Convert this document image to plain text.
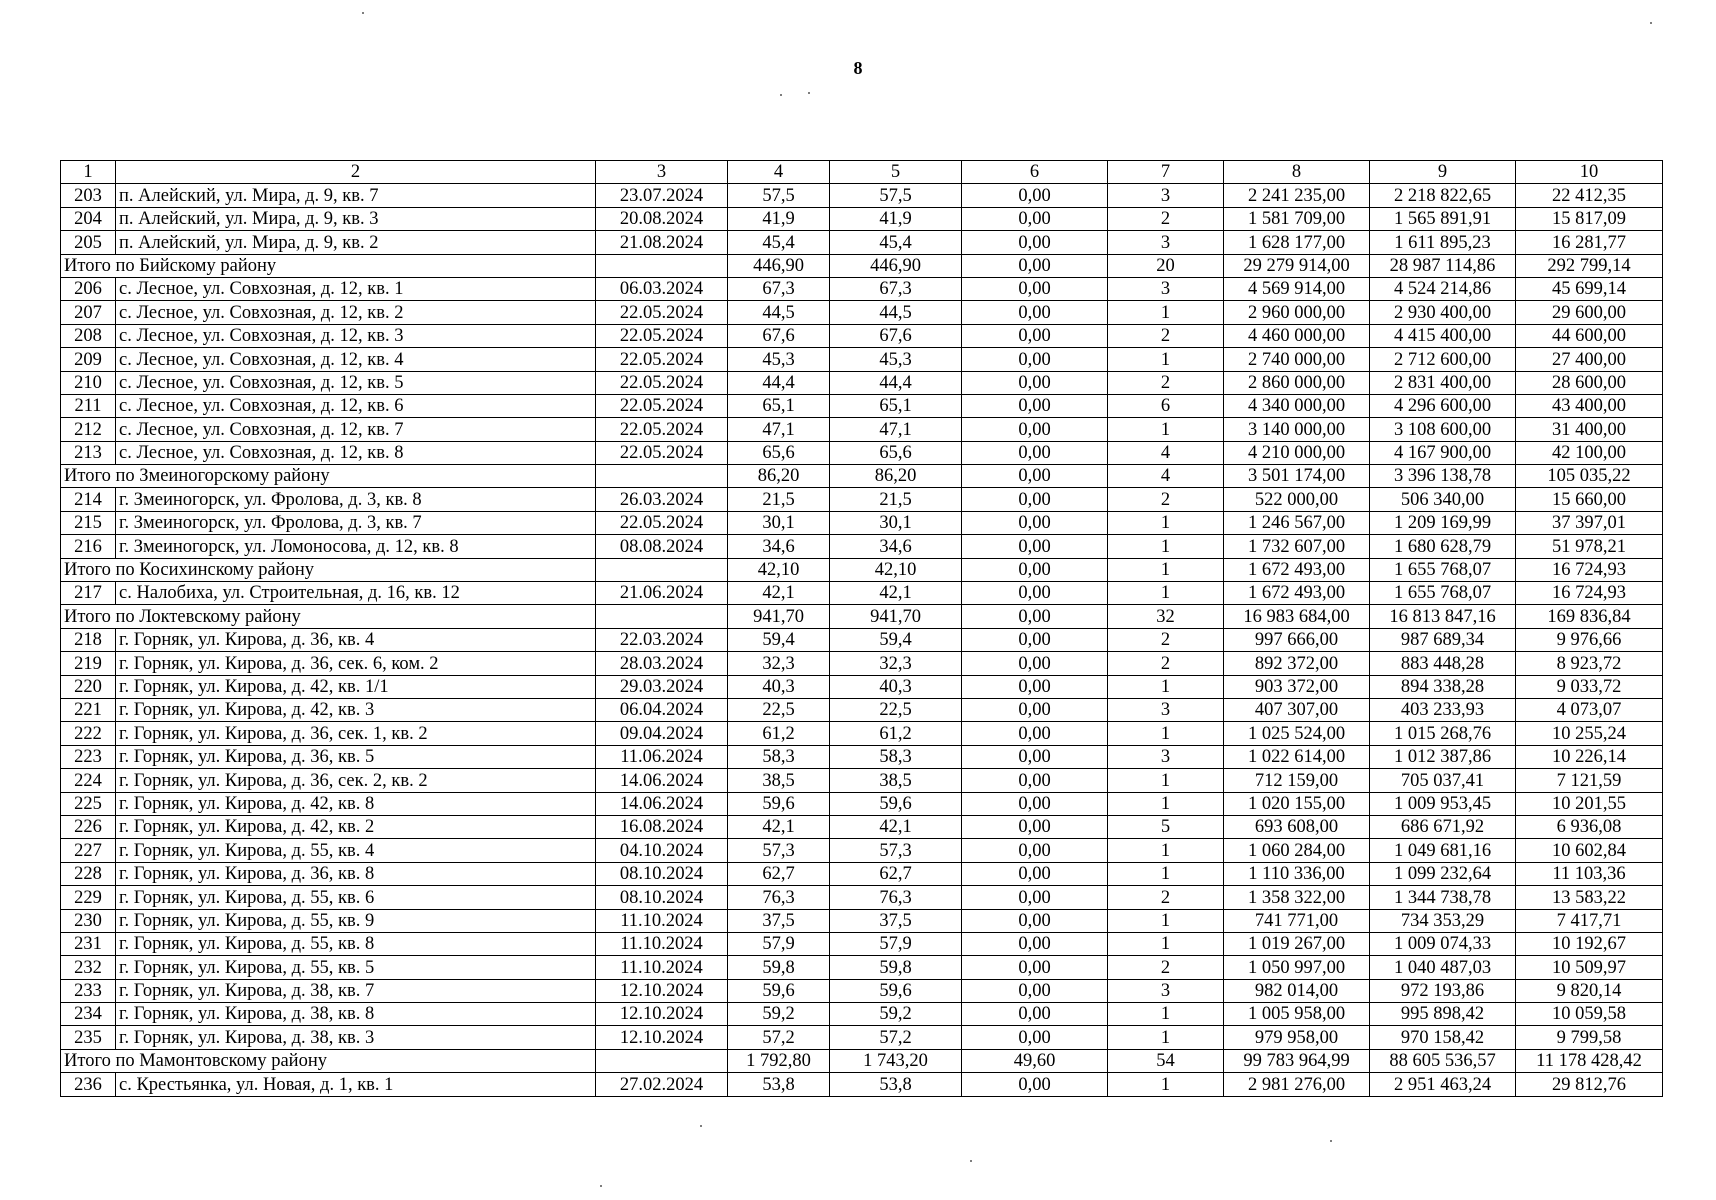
8
1	2	3	4	5	6	7	8	9	10
203	п. Алейский, ул. Мира, д. 9, кв. 7	23.07.2024	57,5	57,5	0,00	3	2 241 235,00	2 218 822,65	22 412,35
204	п. Алейский, ул. Мира, д. 9, кв. 3	20.08.2024	41,9	41,9	0,00	2	1 581 709,00	1 565 891,91	15 817,09
205	п. Алейский, ул. Мира, д. 9, кв. 2	21.08.2024	45,4	45,4	0,00	3	1 628 177,00	1 611 895,23	16 281,77
Итого по Бийскому району			446,90	446,90	0,00	20	29 279 914,00	28 987 114,86	292 799,14
206	с. Лесное, ул. Совхозная, д. 12, кв. 1	06.03.2024	67,3	67,3	0,00	3	4 569 914,00	4 524 214,86	45 699,14
207	с. Лесное, ул. Совхозная, д. 12, кв. 2	22.05.2024	44,5	44,5	0,00	1	2 960 000,00	2 930 400,00	29 600,00
208	с. Лесное, ул. Совхозная, д. 12, кв. 3	22.05.2024	67,6	67,6	0,00	2	4 460 000,00	4 415 400,00	44 600,00
209	с. Лесное, ул. Совхозная, д. 12, кв. 4	22.05.2024	45,3	45,3	0,00	1	2 740 000,00	2 712 600,00	27 400,00
210	с. Лесное, ул. Совхозная, д. 12, кв. 5	22.05.2024	44,4	44,4	0,00	2	2 860 000,00	2 831 400,00	28 600,00
211	с. Лесное, ул. Совхозная, д. 12, кв. 6	22.05.2024	65,1	65,1	0,00	6	4 340 000,00	4 296 600,00	43 400,00
212	с. Лесное, ул. Совхозная, д. 12, кв. 7	22.05.2024	47,1	47,1	0,00	1	3 140 000,00	3 108 600,00	31 400,00
213	с. Лесное, ул. Совхозная, д. 12, кв. 8	22.05.2024	65,6	65,6	0,00	4	4 210 000,00	4 167 900,00	42 100,00
Итого по Змеиногорскому району			86,20	86,20	0,00	4	3 501 174,00	3 396 138,78	105 035,22
214	г. Змеиногорск, ул. Фролова, д. 3, кв. 8	26.03.2024	21,5	21,5	0,00	2	522 000,00	506 340,00	15 660,00
215	г. Змеиногорск, ул. Фролова, д. 3, кв. 7	22.05.2024	30,1	30,1	0,00	1	1 246 567,00	1 209 169,99	37 397,01
216	г. Змеиногорск, ул. Ломоносова, д. 12, кв. 8	08.08.2024	34,6	34,6	0,00	1	1 732 607,00	1 680 628,79	51 978,21
Итого по Косихинскому району			42,10	42,10	0,00	1	1 672 493,00	1 655 768,07	16 724,93
217	с. Налобиха, ул. Строительная, д. 16, кв. 12	21.06.2024	42,1	42,1	0,00	1	1 672 493,00	1 655 768,07	16 724,93
Итого по Локтевскому району			941,70	941,70	0,00	32	16 983 684,00	16 813 847,16	169 836,84
218	г. Горняк, ул. Кирова, д. 36, кв. 4	22.03.2024	59,4	59,4	0,00	2	997 666,00	987 689,34	9 976,66
219	г. Горняк, ул. Кирова, д. 36, сек. 6, ком. 2	28.03.2024	32,3	32,3	0,00	2	892 372,00	883 448,28	8 923,72
220	г. Горняк, ул. Кирова, д. 42, кв. 1/1	29.03.2024	40,3	40,3	0,00	1	903 372,00	894 338,28	9 033,72
221	г. Горняк, ул. Кирова, д. 42, кв. 3	06.04.2024	22,5	22,5	0,00	3	407 307,00	403 233,93	4 073,07
222	г. Горняк, ул. Кирова, д. 36, сек. 1, кв. 2	09.04.2024	61,2	61,2	0,00	1	1 025 524,00	1 015 268,76	10 255,24
223	г. Горняк, ул. Кирова, д. 36, кв. 5	11.06.2024	58,3	58,3	0,00	3	1 022 614,00	1 012 387,86	10 226,14
224	г. Горняк, ул. Кирова, д. 36, сек. 2, кв. 2	14.06.2024	38,5	38,5	0,00	1	712 159,00	705 037,41	7 121,59
225	г. Горняк, ул. Кирова, д. 42, кв. 8	14.06.2024	59,6	59,6	0,00	1	1 020 155,00	1 009 953,45	10 201,55
226	г. Горняк, ул. Кирова, д. 42, кв. 2	16.08.2024	42,1	42,1	0,00	5	693 608,00	686 671,92	6 936,08
227	г. Горняк, ул. Кирова, д. 55, кв. 4	04.10.2024	57,3	57,3	0,00	1	1 060 284,00	1 049 681,16	10 602,84
228	г. Горняк, ул. Кирова, д. 36, кв. 8	08.10.2024	62,7	62,7	0,00	1	1 110 336,00	1 099 232,64	11 103,36
229	г. Горняк, ул. Кирова, д. 55, кв. 6	08.10.2024	76,3	76,3	0,00	2	1 358 322,00	1 344 738,78	13 583,22
230	г. Горняк, ул. Кирова, д. 55, кв. 9	11.10.2024	37,5	37,5	0,00	1	741 771,00	734 353,29	7 417,71
231	г. Горняк, ул. Кирова, д. 55, кв. 8	11.10.2024	57,9	57,9	0,00	1	1 019 267,00	1 009 074,33	10 192,67
232	г. Горняк, ул. Кирова, д. 55, кв. 5	11.10.2024	59,8	59,8	0,00	2	1 050 997,00	1 040 487,03	10 509,97
233	г. Горняк, ул. Кирова, д. 38, кв. 7	12.10.2024	59,6	59,6	0,00	3	982 014,00	972 193,86	9 820,14
234	г. Горняк, ул. Кирова, д. 38, кв. 8	12.10.2024	59,2	59,2	0,00	1	1 005 958,00	995 898,42	10 059,58
235	г. Горняк, ул. Кирова, д. 38, кв. 3	12.10.2024	57,2	57,2	0,00	1	979 958,00	970 158,42	9 799,58
Итого по Мамонтовскому району			1 792,80	1 743,20	49,60	54	99 783 964,99	88 605 536,57	11 178 428,42
236	с. Крестьянка, ул. Новая, д. 1, кв. 1	27.02.2024	53,8	53,8	0,00	1	2 981 276,00	2 951 463,24	29 812,76
